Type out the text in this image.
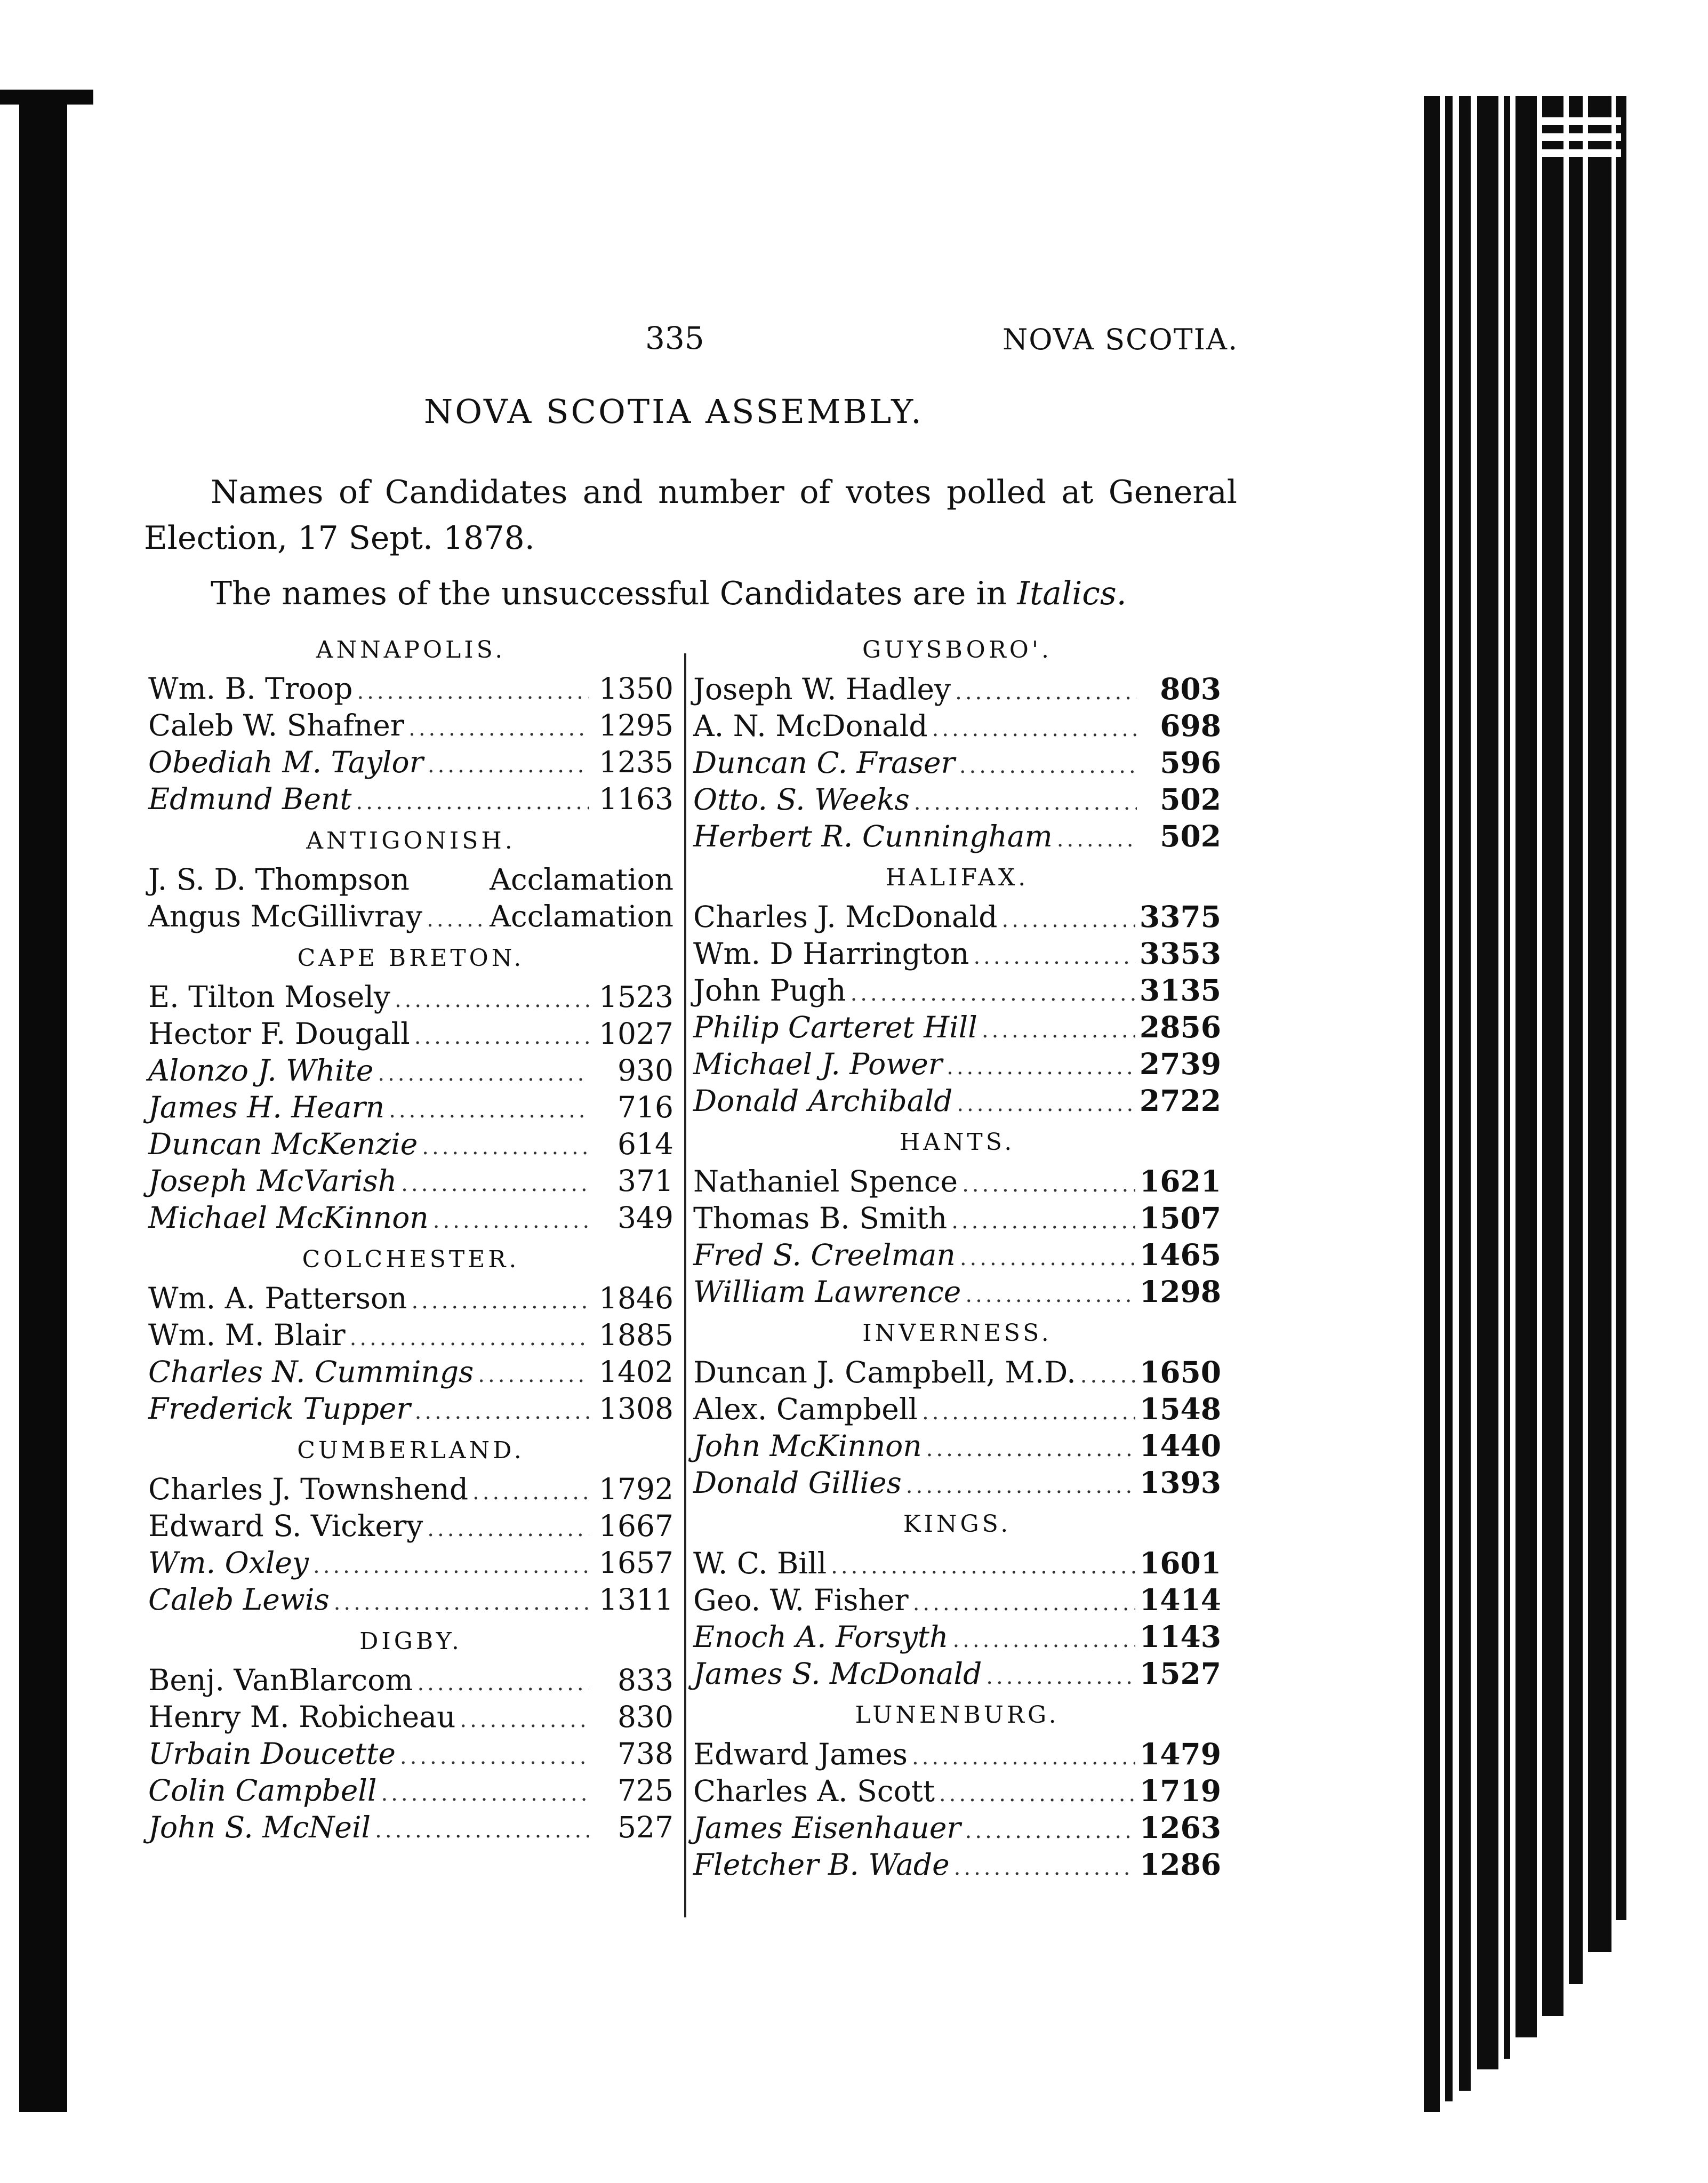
335	NOVA SCOTIA.
NOVA SCOTIA ASSEMBLY.

Names of Candidates and number of votes polled at General Election, 17 Sept. 1878.

The names of the unsuccessful Candidates are in Italics.

ANNAPOLIS.
Wm. B. Troop .....	1350
Caleb W. Shafner .....	1295
Obediah M. Taylor .....	1235
Edmund Bent .....	1163
ANTIGONISH.
J. S. D. Thompson	Acclamation
Angus McGillivray ..... Acclamation
CAPE BRETON.
E. Tilton Mosely .....	1523
Hector F. Dougall .....	1027
Alonzo J. White .....	930
James H. Hearn .....	716
Duncan McKenzie .....	614
Joseph McVarish .....	371
Michael McKinnon .....	349
COLCHESTER.
Wm. A. Patterson .....	1846
Wm. M. Blair .....	1885
Charles N. Cummings .....	1402
Frederick Tupper .....	1308
CUMBERLAND.
Charles J. Townshend .....	1792
Edward S. Vickery .....	1667
Wm. Oxley .....	1657
Caleb Lewis .....	1311
DIGBY.
Benj. VanBlarcom .....	833
Henry M. Robicheau .....	830
Urbain Doucette .....	738
Colin Campbell .....	725
John S. McNeil .....	527
GUYSBORO'.
Joseph W. Hadley .....	803
A. N. McDonald .....	698
Duncan C. Fraser .....	596
Otto. S. Weeks .....	502
Herbert R. Cunningham .....	502
HALIFAX.
Charles J. McDonald .....	3375
Wm. D Harrington .....	3353
John Pugh .....	3135
Philip Carteret Hill .....	2856
Michael J. Power .....	2739
Donald Archibald .....	2722
HANTS.
Nathaniel Spence .....	1621
Thomas B. Smith .....	1507
Fred S. Creelman .....	1465
William Lawrence .....	1298
INVERNESS.
Duncan J. Campbell, M.D. ..... 1650
Alex. Campbell .....	1548
John McKinnon .....	1440
Donald Gillies .....	1393
KINGS.
W. C. Bill .....	1601
Geo. W. Fisher .....	1414
Enoch A. Forsyth .....	1143
James S. McDonald .....	1527
LUNENBURG.
Edward James .....	1479
Charles A. Scott .....	1719
James Eisenhauer .....	1263
Fletcher B. Wade .....	1286
